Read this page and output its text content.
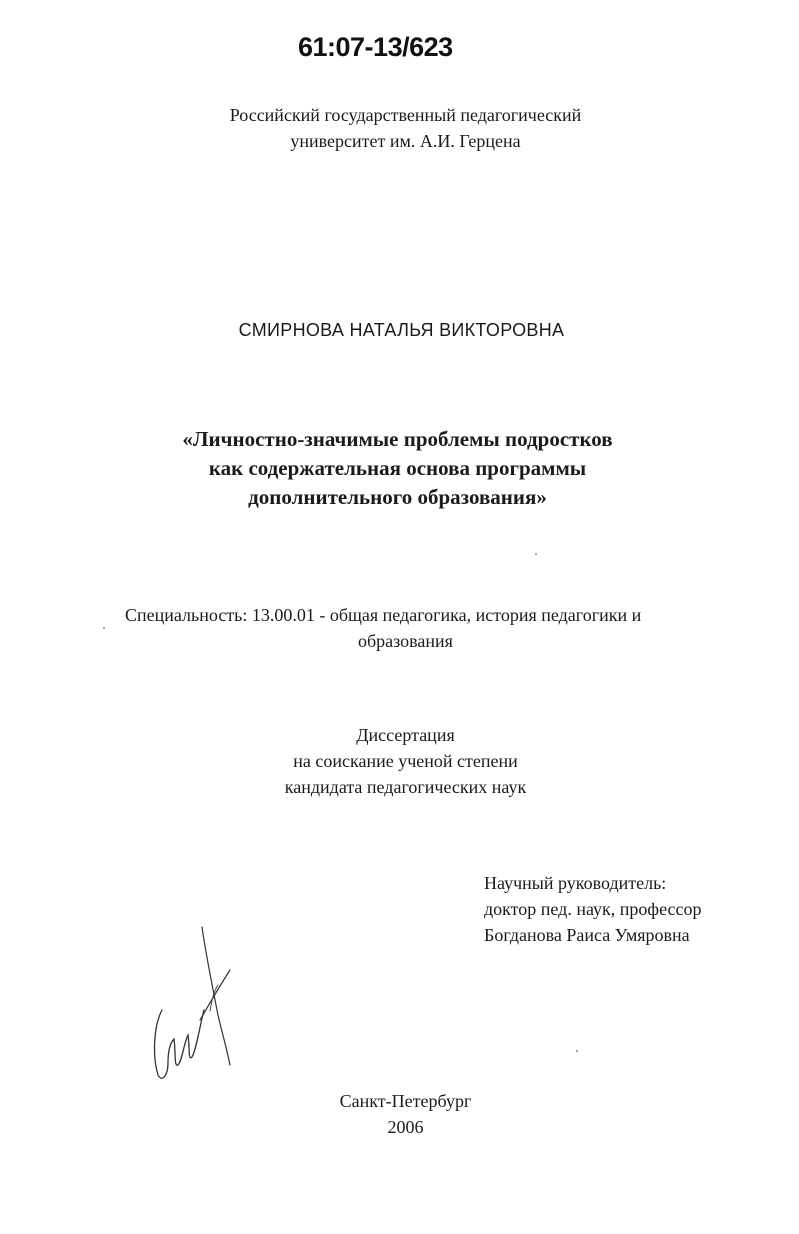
61:07-13/623
Российский государственный педагогический
университет им. А.И. Герцена
СМИРНОВА НАТАЛЬЯ ВИКТОРОВНА
«Личностно-значимые проблемы подростков
как содержательная основа программы
дополнительного образования»
Специальность: 13.00.01 - общая педагогика, история педагогики и
образования
Диссертация
на соискание ученой степени
кандидата педагогических наук
Научный руководитель:
доктор пед. наук, профессор
Богданова Раиса Умяровна
Санкт-Петербург
2006
